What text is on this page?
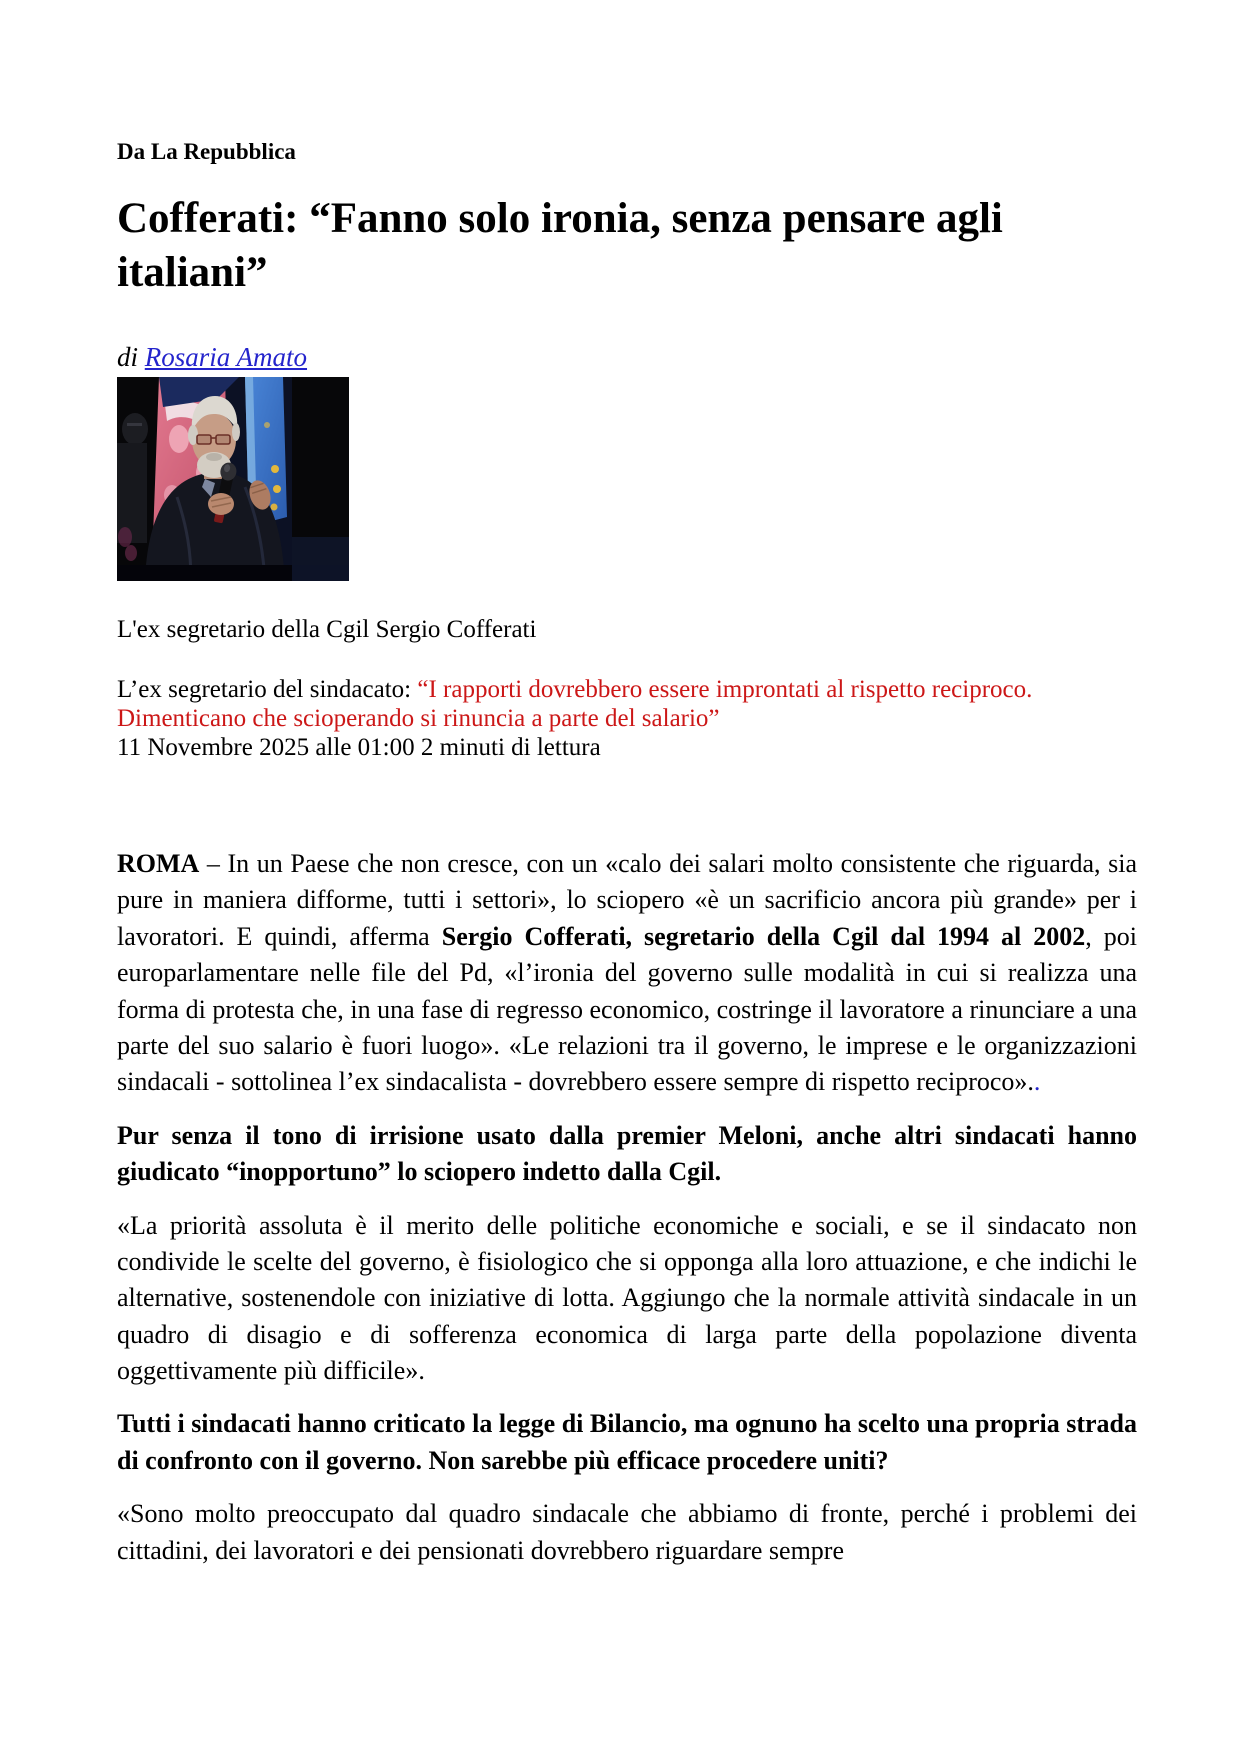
Da La Repubblica
Cofferati: “Fanno solo ironia, senza pensare agli italiani”
di Rosaria Amato
L'ex segretario della Cgil Sergio Cofferati
L’ex segretario del sindacato: “I rapporti dovrebbero essere improntati al rispetto reciproco. Dimenticano che scioperando si rinuncia a parte del salario”
11 Novembre 2025 alle 01:00 2 minuti di lettura

ROMA – In un Paese che non cresce, con un «calo dei salari molto consistente che riguarda, sia pure in maniera difforme, tutti i settori», lo sciopero «è un sacrificio ancora più grande» per i lavoratori. E quindi, afferma Sergio Cofferati, segretario della Cgil dal 1994 al 2002, poi europarlamentare nelle file del Pd, «l’ironia del governo sulle modalità in cui si realizza una forma di protesta che, in una fase di regresso economico, costringe il lavoratore a rinunciare a una parte del suo salario è fuori luogo». «Le relazioni tra il governo, le imprese e le organizzazioni sindacali - sottolinea l’ex sindacalista - dovrebbero essere sempre di rispetto reciproco»..

Pur senza il tono di irrisione usato dalla premier Meloni, anche altri sindacati hanno giudicato “inopportuno” lo sciopero indetto dalla Cgil.

«La priorità assoluta è il merito delle politiche economiche e sociali, e se il sindacato non condivide le scelte del governo, è fisiologico che si opponga alla loro attuazione, e che indichi le alternative, sostenendole con iniziative di lotta. Aggiungo che la normale attività sindacale in un quadro di disagio e di sofferenza economica di larga parte della popolazione diventa oggettivamente più difficile».

Tutti i sindacati hanno criticato la legge di Bilancio, ma ognuno ha scelto una propria strada di confronto con il governo. Non sarebbe più efficace procedere uniti?

«Sono molto preoccupato dal quadro sindacale che abbiamo di fronte, perché i problemi dei cittadini, dei lavoratori e dei pensionati dovrebbero riguardare sempre
